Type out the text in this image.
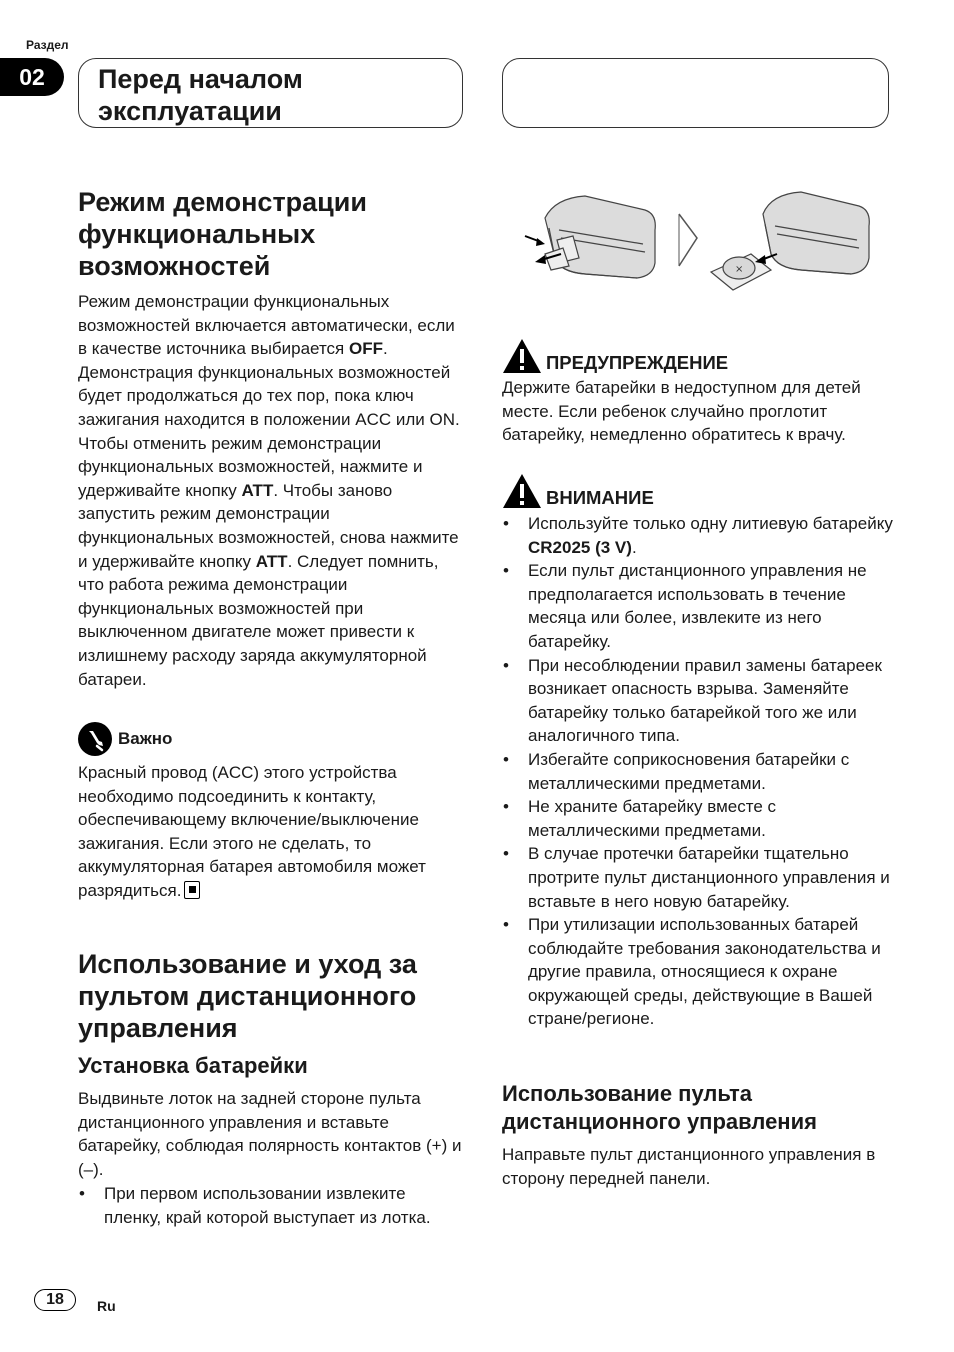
Раздел
02	Перед началом эксплуатации
Режим демонстрации функциональных возможностей
Режим демонстрации функциональных возможностей включается автоматически, если в качестве источника выбирается OFF. Демонстрация функциональных возможностей будет продолжаться до тех пор, пока ключ зажигания находится в положении ACC или ON. Чтобы отменить режим демонстрации функциональных возможностей, нажмите и удерживайте кнопку ATT. Чтобы заново запустить режим демонстрации функциональных возможностей, снова нажмите и удерживайте кнопку ATT. Следует помнить, что работа режима демонстрации функциональных возможностей при выключенном двигателе может привести к излишнему расходу заряда аккумуляторной батареи.
Важно
Красный провод (ACC) этого устройства необходимо подсоединить к контакту, обеспечивающему включение/выключение зажигания. Если этого не сделать, то аккумуляторная батарея автомобиля может разрядиться.
Использование и уход за пультом дистанционного управления
Установка батарейки
Выдвиньте лоток на задней стороне пульта дистанционного управления и вставьте батарейку, соблюдая полярность контактов (+) и (–).
• При первом использовании извлеките пленку, край которой выступает из лотка.
×
ПРЕДУПРЕЖДЕНИЕ
Держите батарейки в недоступном для детей месте. Если ребенок случайно проглотит батарейку, немедленно обратитесь к врачу.
ВНИМАНИЕ
• Используйте только одну литиевую батарейку CR2025 (3 V).
• Если пульт дистанционного управления не предполагается использовать в течение месяца или более, извлеките из него батарейку.
• При несоблюдении правил замены батареек возникает опасность взрыва. Заменяйте батарейку только батарейкой того же или аналогичного типа.
• Избегайте соприкосновения батарейки с металлическими предметами.
• Не храните батарейку вместе с металлическими предметами.
• В случае протечки батарейки тщательно протрите пульт дистанционного управления и вставьте в него новую батарейку.
• При утилизации использованных батарей соблюдайте требования законодательства и другие правила, относящиеся к охране окружающей среды, действующие в Вашей стране/регионе.
Использование пульта дистанционного управления
Направьте пульт дистанционного управления в сторону передней панели.
18	Ru
